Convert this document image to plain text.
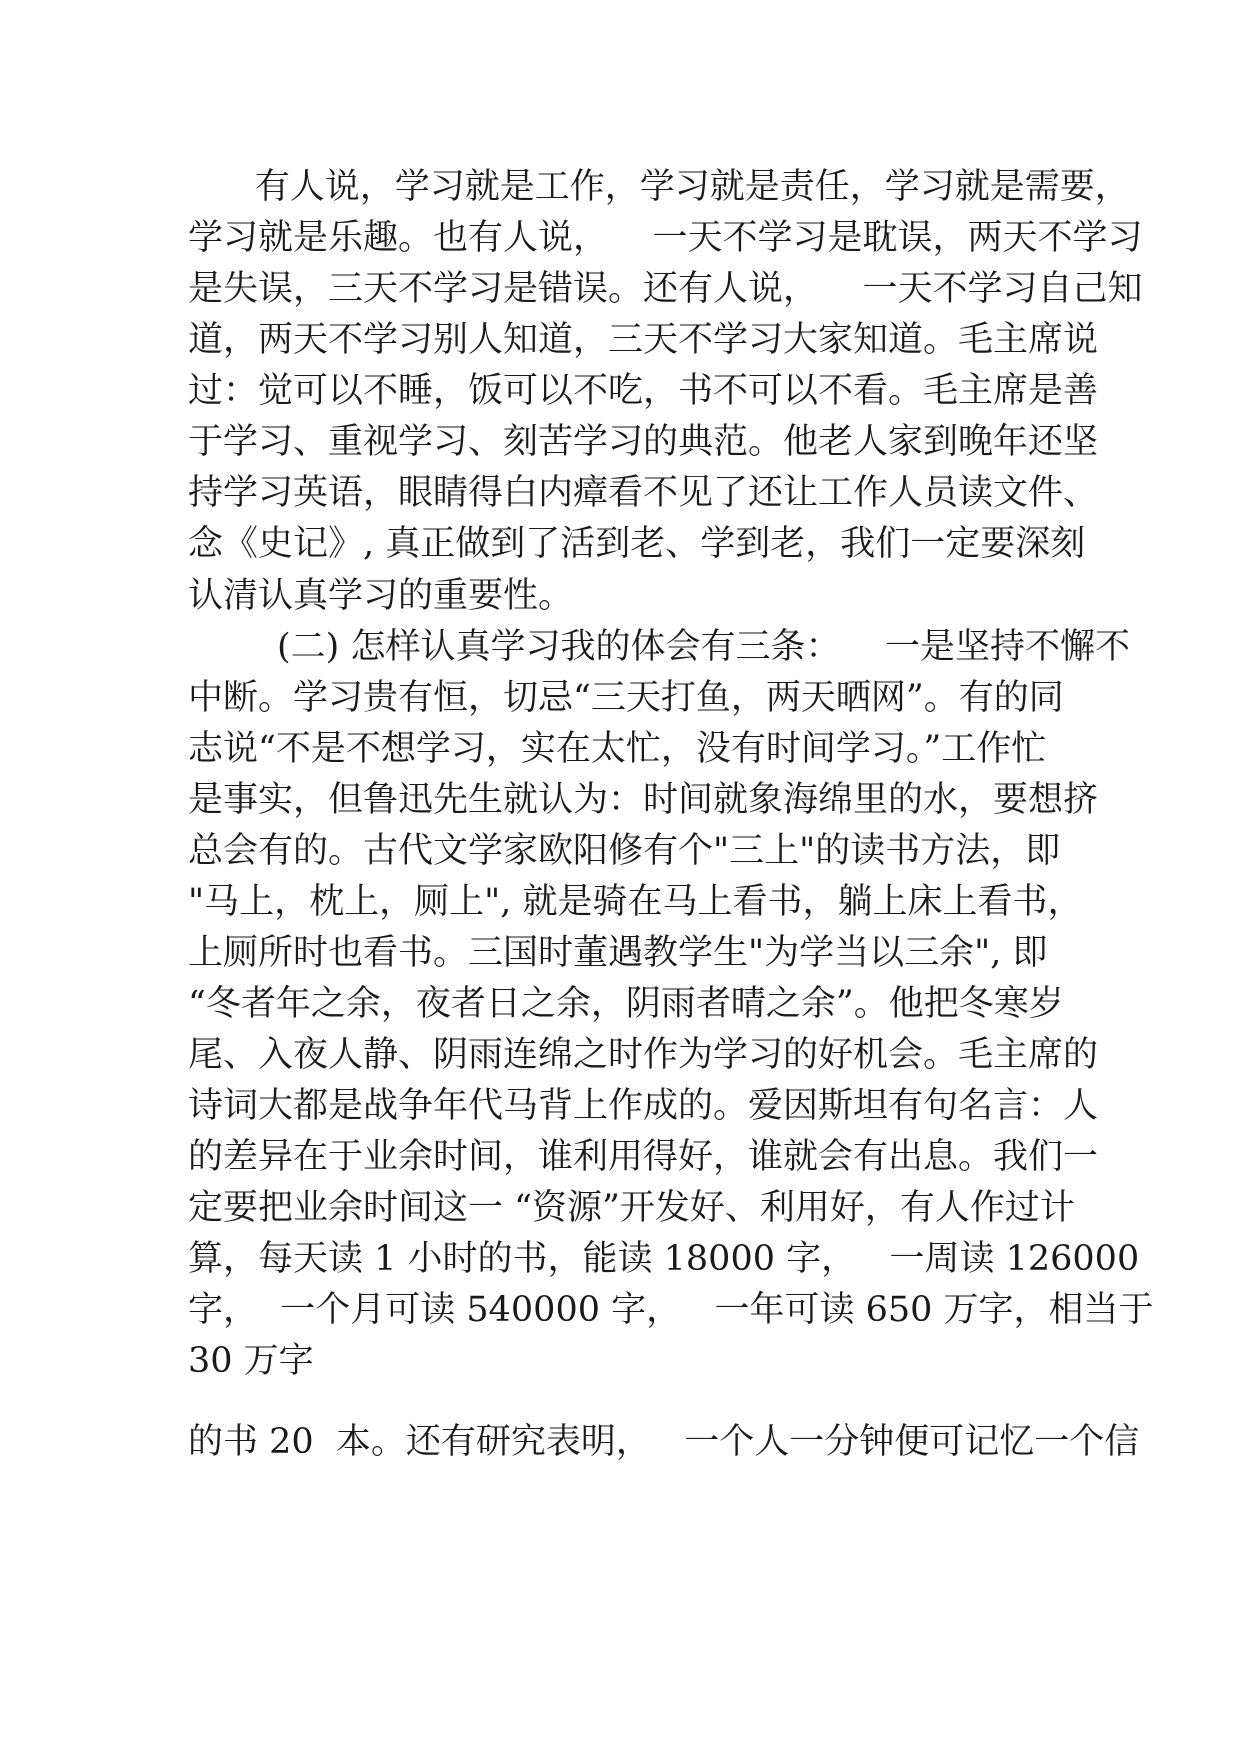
有人说，学习就是工作，学习就是责任，学习就是需要，
学习就是乐趣。也有人说，    一天不学习是耽误，两天不学习
是失误，三天不学习是错误。还有人说，    一天不学习自己知
道，两天不学习别人知道，三天不学习大家知道。毛主席说
过：觉可以不睡，饭可以不吃，书不可以不看。毛主席是善
于学习、重视学习、刻苦学习的典范。他老人家到晚年还坚
持学习英语，眼睛得白内瘴看不见了还让工作人员读文件、
念《史记》, 真正做到了活到老、学到老，我们一定要深刻
认清认真学习的重要性。
(二) 怎样认真学习我的体会有三条：    一是坚持不懈不
中断。学习贵有恒，切忌“三天打鱼，两天晒网”。有的同
志说“不是不想学习，实在太忙，没有时间学习。”工作忙
是事实，但鲁迅先生就认为：时间就象海绵里的水，要想挤
总会有的。古代文学家欧阳修有个"三上"的读书方法，即
"马上，枕上，厕上", 就是骑在马上看书，躺上床上看书，
上厕所时也看书。三国时董遇教学生"为学当以三余", 即
“冬者年之余，夜者日之余，阴雨者晴之余”。他把冬寒岁
尾、入夜人静、阴雨连绵之时作为学习的好机会。毛主席的
诗词大都是战争年代马背上作成的。爱因斯坦有句名言：人
的差异在于业余时间，谁利用得好，谁就会有出息。我们一
定要把业余时间这一 “资源”开发好、利用好，有人作过计
算，每天读 1 小时的书，能读 18000 字，   一周读 126000
字，  一个月可读 540000 字，   一年可读 650 万字，相当于
30 万字
的书 20  本。还有研究表明，   一个人一分钟便可记忆一个信
